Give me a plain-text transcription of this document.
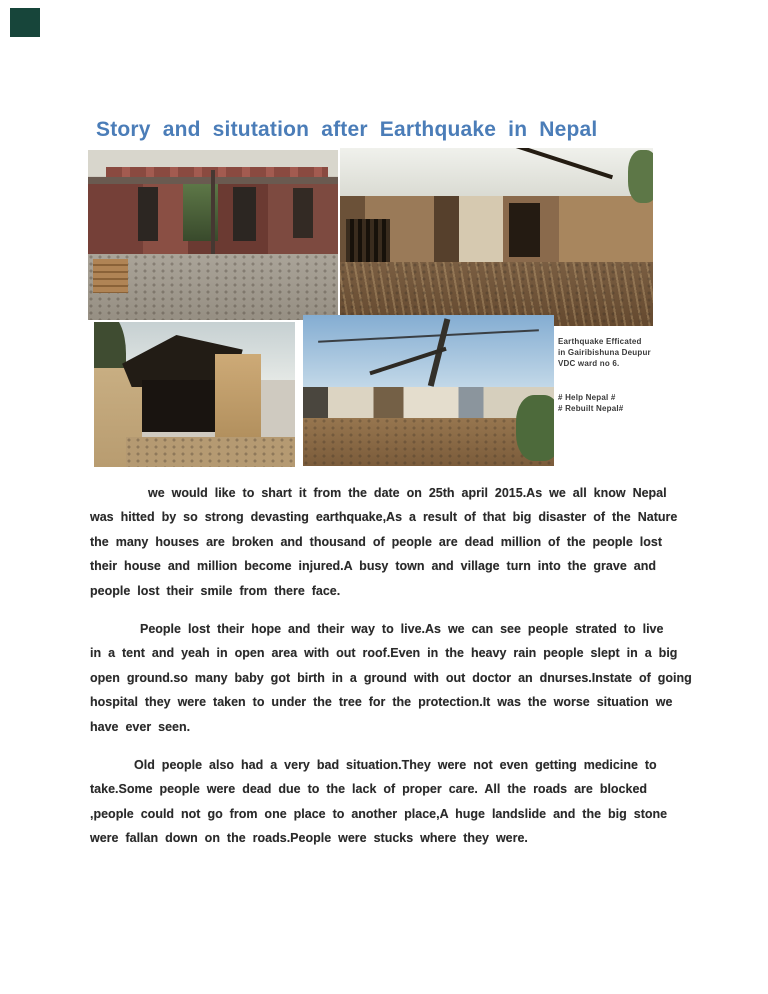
Story and situtation after Earthquake in Nepal
Earthquake Efficated
in Gairibishuna Deupur
VDC ward no 6.
# Help Nepal #
# Rebuilt Nepal#
we would like to shart it from the date on 25th april 2015.As we all know Nepal
was hitted by so strong devasting earthquake,As a result of that big disaster of the Nature
the many houses are broken and thousand of people are dead million of the people lost
their house and million become injured.A busy town and village turn into the grave and
people lost their smile from there face.
People lost their hope and their way to live.As we can see people strated to live
in a tent and yeah in open area with out roof.Even in the heavy rain people slept in a big
open ground.so many baby got birth in a ground with out doctor an dnurses.Instate of going
hospital they were taken to under the tree for the protection.It was the worse situation we
have ever seen.
Old people also had a very bad situation.They were not even getting medicine to
take.Some people were dead due to the lack of proper care. All the roads are blocked
,people could not go from one place to another place,A huge landslide and the big stone
were fallan down on the roads.People were stucks where they were.
